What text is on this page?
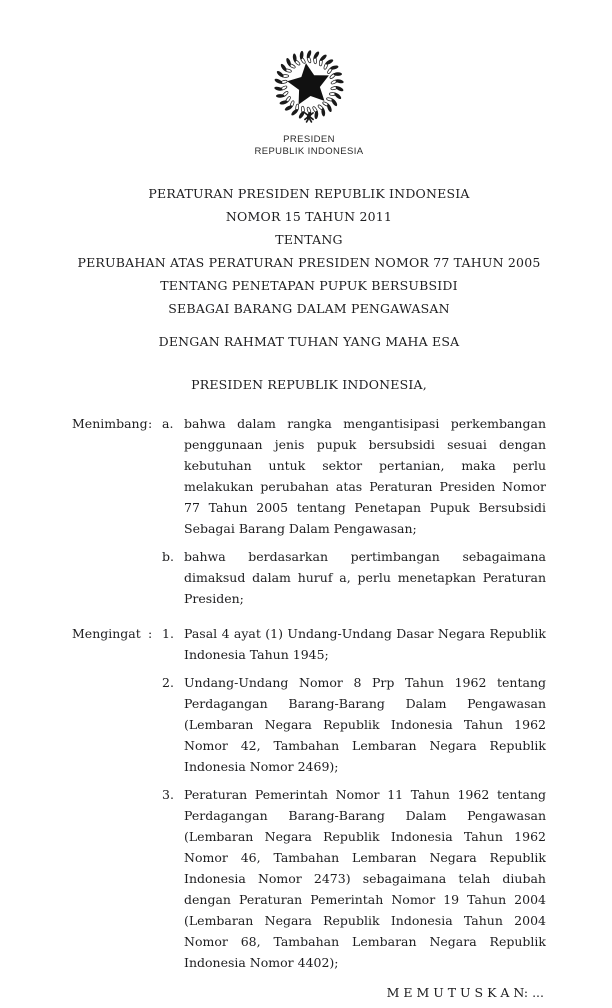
PRESIDEN
REPUBLIK INDONESIA
PERATURAN PRESIDEN REPUBLIK INDONESIA
NOMOR 15 TAHUN 2011
TENTANG
PERUBAHAN ATAS PERATURAN PRESIDEN NOMOR 77 TAHUN 2005
TENTANG PENETAPAN PUPUK BERSUBSIDI
SEBAGAI BARANG DALAM PENGAWASAN
DENGAN RAHMAT TUHAN YANG MAHA ESA
PRESIDEN REPUBLIK INDONESIA,
Menimbang : a. bahwa dalam rangka mengantisipasi perkembangan penggunaan jenis pupuk bersubsidi sesuai dengan kebutuhan untuk sektor pertanian, maka perlu melakukan perubahan atas Peraturan Presiden Nomor 77 Tahun 2005 tentang Penetapan Pupuk Bersubsidi Sebagai Barang Dalam Pengawasan;
b. bahwa berdasarkan pertimbangan sebagaimana dimaksud dalam huruf a, perlu menetapkan Peraturan Presiden;
Mengingat : 1. Pasal 4 ayat (1) Undang-Undang Dasar Negara Republik Indonesia Tahun 1945;
2. Undang-Undang Nomor 8 Prp Tahun 1962 tentang Perdagangan Barang-Barang Dalam Pengawasan (Lembaran Negara Republik Indonesia Tahun 1962 Nomor 42, Tambahan Lembaran Negara Republik Indonesia Nomor 2469);
3. Peraturan Pemerintah Nomor 11 Tahun 1962 tentang Perdagangan Barang-Barang Dalam Pengawasan (Lembaran Negara Republik Indonesia Tahun 1962 Nomor 46, Tambahan Lembaran Negara Republik Indonesia Nomor 2473) sebagaimana telah diubah dengan Peraturan Pemerintah Nomor 19 Tahun 2004 (Lembaran Negara Republik Indonesia Tahun 2004 Nomor 68, Tambahan Lembaran Negara Republik Indonesia Nomor 4402);
M E M U T U S K A N: ...
